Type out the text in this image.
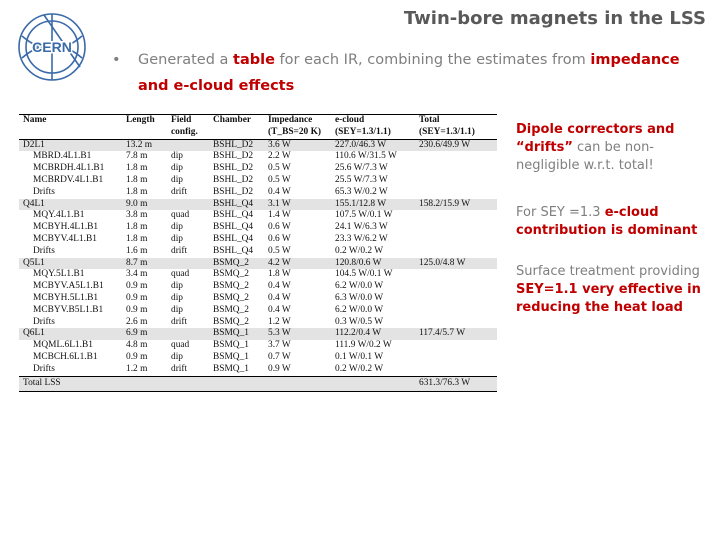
CERN
Twin-bore magnets in the LSS
•	Generated a table for each IR, combining the estimates from impedance and e-cloud effects
Name	Length	Field	Chamber	Impedance	e-cloud	Total
		config.		(T_BS=20 K)	(SEY=1.3/1.1)	(SEY=1.3/1.1)
D2L1	13.2 m		BSHL_D2	3.6 W	227.0/46.3 W	230.6/49.9 W
MBRD.4L1.B1	7.8 m	dip	BSHL_D2	2.2 W	110.6 W/31.5 W	
MCBRDH.4L1.B1	1.8 m	dip	BSHL_D2	0.5 W	25.6 W/7.3 W	
MCBRDV.4L1.B1	1.8 m	dip	BSHL_D2	0.5 W	25.5 W/7.3 W	
Drifts	1.8 m	drift	BSHL_D2	0.4 W	65.3 W/0.2 W	
Q4L1	9.0 m		BSHL_Q4	3.1 W	155.1/12.8 W	158.2/15.9 W
MQY.4L1.B1	3.8 m	quad	BSHL_Q4	1.4 W	107.5 W/0.1 W	
MCBYH.4L1.B1	1.8 m	dip	BSHL_Q4	0.6 W	24.1 W/6.3 W	
MCBYV.4L1.B1	1.8 m	dip	BSHL_Q4	0.6 W	23.3 W/6.2 W	
Drifts	1.6 m	drift	BSHL_Q4	0.5 W	0.2 W/0.2 W	
Q5L1	8.7 m		BSMQ_2	4.2 W	120.8/0.6 W	125.0/4.8 W
MQY.5L1.B1	3.4 m	quad	BSMQ_2	1.8 W	104.5 W/0.1 W	
MCBYV.A5L1.B1	0.9 m	dip	BSMQ_2	0.4 W	6.2 W/0.0 W	
MCBYH.5L1.B1	0.9 m	dip	BSMQ_2	0.4 W	6.3 W/0.0 W	
MCBYV.B5L1.B1	0.9 m	dip	BSMQ_2	0.4 W	6.2 W/0.0 W	
Drifts	2.6 m	drift	BSMQ_2	1.2 W	0.3 W/0.5 W	
Q6L1	6.9 m		BSMQ_1	5.3 W	112.2/0.4 W	117.4/5.7 W
MQML.6L1.B1	4.8 m	quad	BSMQ_1	3.7 W	111.9 W/0.2 W	
MCBCH.6L1.B1	0.9 m	dip	BSMQ_1	0.7 W	0.1 W/0.1 W	
Drifts	1.2 m	drift	BSMQ_1	0.9 W	0.2 W/0.2 W	
Total LSS						631.3/76.3 W

Dipole correctors and “drifts” can be non-negligible w.r.t. total!

For SEY =1.3 e-cloud contribution is dominant

Surface treatment providing SEY=1.1 very effective in reducing the heat load
